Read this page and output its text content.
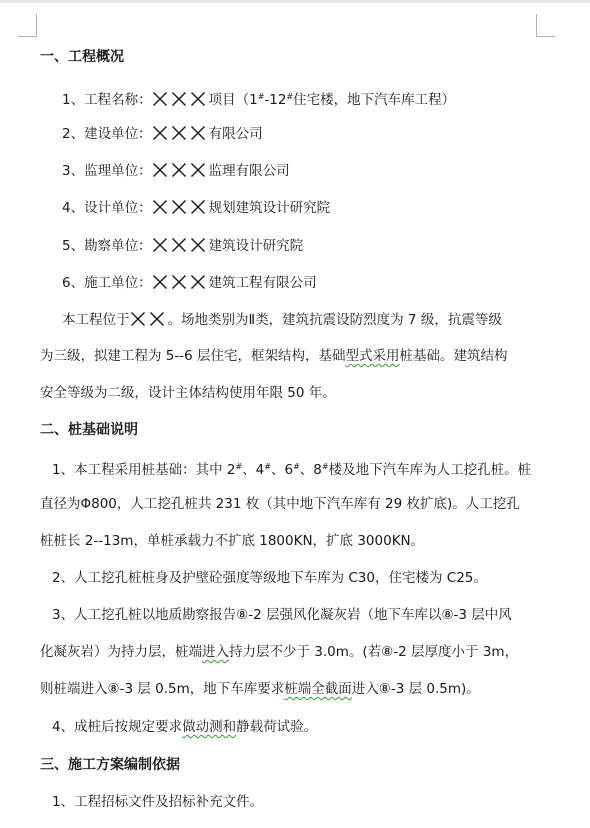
一、工程概况
1、工程名称：	项目（1#-12#住宅楼，地下汽车库工程）
2、建设单位：	有限公司
3、监理单位：	监理有限公司
4、设计单位：	规划建筑设计研究院
5、勘察单位：	建筑设计研究院
6、施工单位：	建筑工程有限公司
本工程位于	。场地类别为Ⅱ类，建筑抗震设防烈度为 7 级，抗震等级
为三级，拟建工程为 5--6 层住宅，框架结构，基础型式采用桩基础。建筑结构
安全等级为二级，设计主体结构使用年限 50 年。
二、桩基础说明
1、本工程采用桩基础：其中 2#、4#、6#、8#楼及地下汽车库为人工挖孔桩。桩
直径为Φ800，人工挖孔桩共 231 枚（其中地下汽车库有 29 枚扩底)。人工挖孔
桩桩长 2--13m，单桩承载力不扩底 1800KN，扩底 3000KN。
2、人工挖孔桩桩身及护壁砼强度等级地下车库为 C30，住宅楼为 C25。
3、人工挖孔桩以地质勘察报告⑧-2 层强风化凝灰岩（地下车库以⑧-3 层中风
化凝灰岩）为持力层，桩端进入持力层不少于 3.0m。(若⑧-2 层厚度小于 3m，
则桩端进入⑧-3 层 0.5m，地下车库要求桩端全截面进入⑧-3 层 0.5m)。
4、成桩后按规定要求做动测和静载荷试验。
三、施工方案编制依据
1、工程招标文件及招标补充文件。
